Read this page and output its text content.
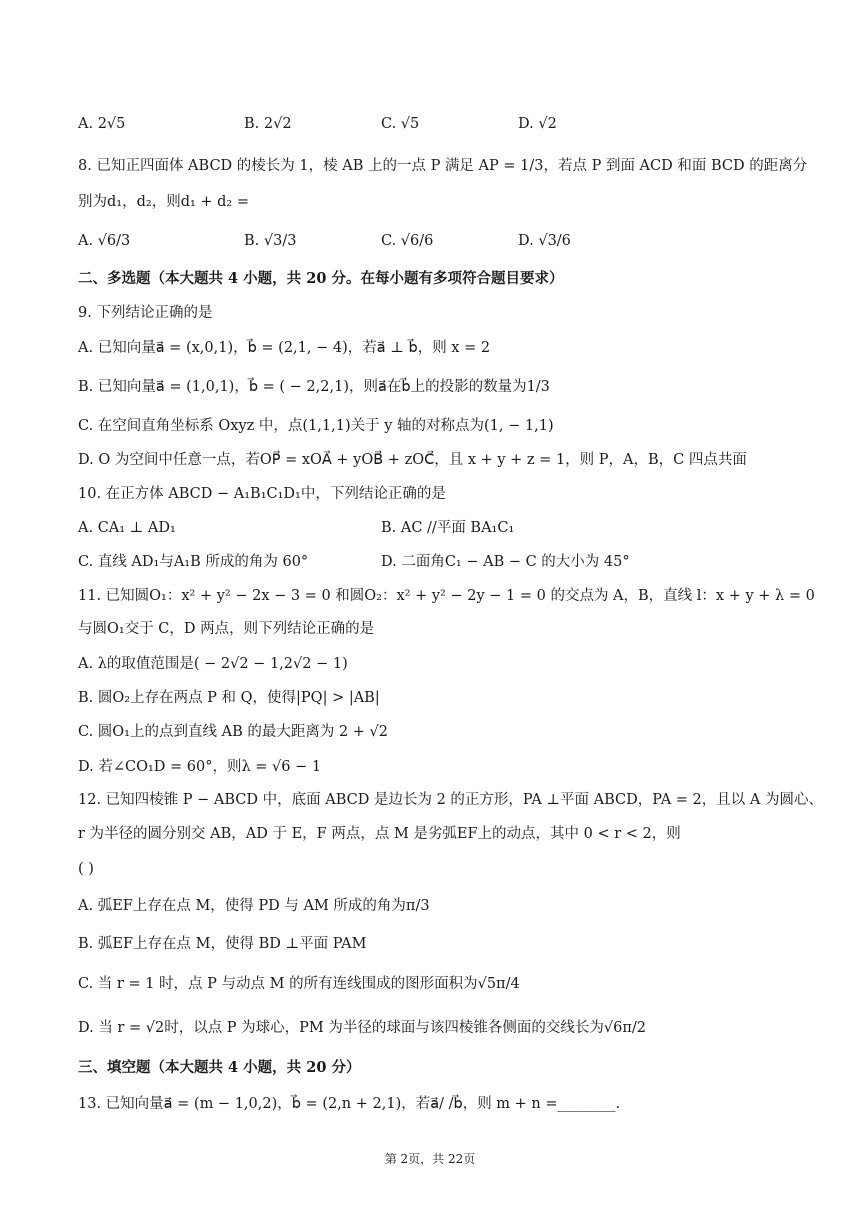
A. 2√5	B. 2√2	C. √5	D. √2
8. 已知正四面体 ABCD 的棱长为 1，棱 AB 上的一点 P 满足 AP = 1/3，若点 P 到面 ACD 和面 BCD 的距离分
别为d₁，d₂，则d₁ + d₂ =
A. √6/3	B. √3/3	C. √6/6	D. √3/6
二、多选题（本大题共 4 小题，共 20 分。在每小题有多项符合题目要求）
9. 下列结论正确的是
A. 已知向量a⃗ = (x,0,1)，b⃗ = (2,1, − 4)，若a⃗ ⊥ b⃗，则 x = 2
B. 已知向量a⃗ = (1,0,1)，b⃗ = ( − 2,2,1)，则a⃗在b⃗上的投影的数量为1/3
C. 在空间直角坐标系 Oxyz 中，点(1,1,1)关于 y 轴的对称点为(1, − 1,1)
D. O 为空间中任意一点，若OP⃗ = xOA⃗ + yOB⃗ + zOC⃗，且 x + y + z = 1，则 P，A，B，C 四点共面
10. 在正方体 ABCD − A₁B₁C₁D₁中，下列结论正确的是
A. CA₁ ⊥ AD₁	B. AC //平面 BA₁C₁
C. 直线 AD₁与A₁B 所成的角为 60°	D. 二面角C₁ − AB − C 的大小为 45°
11. 已知圆O₁：x² + y² − 2x − 3 = 0 和圆O₂：x² + y² − 2y − 1 = 0 的交点为 A，B，直线 l：x + y + λ = 0
与圆O₁交于 C，D 两点，则下列结论正确的是
A. λ的取值范围是( − 2√2 − 1,2√2 − 1)
B. 圆O₂上存在两点 P 和 Q，使得|PQ| > |AB|
C. 圆O₁上的点到直线 AB 的最大距离为 2 + √2
D. 若∠CO₁D = 60°，则λ = √6 − 1
12. 已知四棱锥 P − ABCD 中，底面 ABCD 是边长为 2 的正方形，PA ⊥平面 ABCD，PA = 2，且以 A 为圆心、
r 为半径的圆分别交 AB，AD 于 E，F 两点，点 M 是劣弧EF上的动点，其中 0 < r < 2，则
( )
A. 弧EF上存在点 M，使得 PD 与 AM 所成的角为π/3
B. 弧EF上存在点 M，使得 BD ⊥平面 PAM
C. 当 r = 1 时，点 P 与动点 M 的所有连线围成的图形面积为√5π/4
D. 当 r = √2时，以点 P 为球心，PM 为半径的球面与该四棱锥各侧面的交线长为√6π/2
三、填空题（本大题共 4 小题，共 20 分）
13. 已知向量a⃗ = (m − 1,0,2)，b⃗ = (2,n + 2,1)，若a⃗/ /b⃗，则 m + n =________.
第 2页，共 22页
